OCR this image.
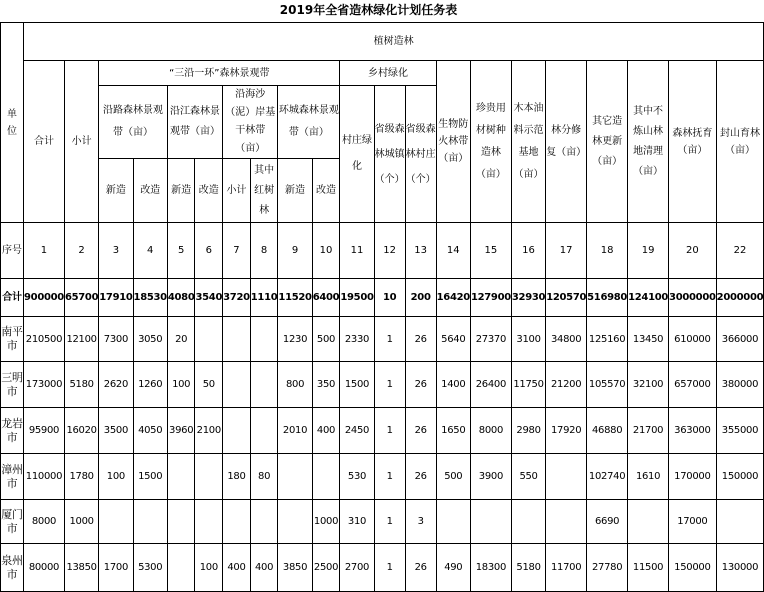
2019年全省造林绿化计划任务表
单位	植树造林																				
	合计	小计	“三沿一环”森林景观带								乡村绿化			生物防火林带（亩）	珍贵用材树种造林（亩）	木本油料示范基地（亩）	林分修复（亩）	其它造林更新（亩）	其中不炼山林地清理（亩）	森林抚育（亩）	封山育林（亩）
			沿路森林景观带（亩）		沿江森林景观带（亩）		沿海沙（泥）岸基干林带（亩）		环城森林景观带（亩）		村庄绿化	省级森林城镇（个）	省级森林村庄（个）								
			新造	改造	新造	改造	小计	其中红树林	新造	改造											
序号	1	2	3	4	5	6	7	8	9	10	11	12	13	14	15	16	17	18	19	20	22
合计	900000	65700	17910	18530	4080	3540	3720	1110	11520	6400	19500	10	200	16420	127900	32930	120570	516980	124100	3000000	2000000
南平市	210500	12100	7300	3050	20				1230	500	2330	1	26	5640	27370	3100	34800	125160	13450	610000	366000
三明市	173000	5180	2620	1260	100	50			800	350	1500	1	26	1400	26400	11750	21200	105570	32100	657000	380000
龙岩市	95900	16020	3500	4050	3960	2100			2010	400	2450	1	26	1650	8000	2980	17920	46880	21700	363000	355000
漳州市	110000	1780	100	1500			180	80			530	1	26	500	3900	550		102740	1610	170000	150000
厦门市	8000	1000								1000	310	1	3					6690		17000	
泉州市	80000	13850	1700	5300		100	400	400	3850	2500	2700	1	26	490	18300	5180	11700	27780	11500	150000	130000
